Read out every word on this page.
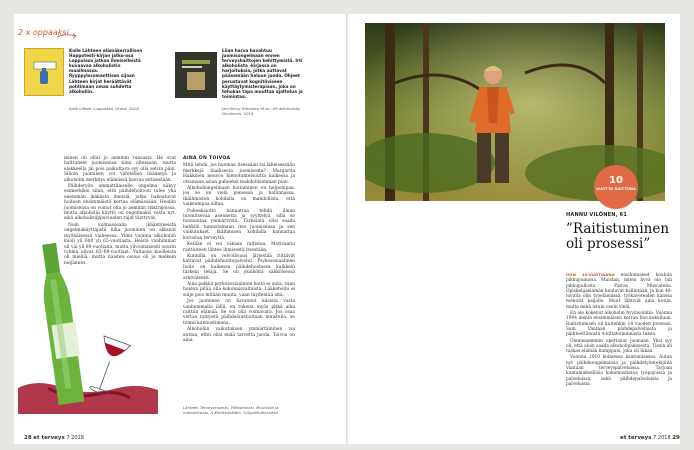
2 x oppaaksi
Kalle Lähteen elämäkerrallisen Happotesti-kirjan jatko-osa Loppulasa jatkaa ihmiselleistä kuvaavaa alkoholistin maailmassa. Ryyppyloromanttisen sijaan Lähteen kirjat heräättävät pohtimaan omaa suhdetta alkoholiin.
Kalle Lähde: Loppulasa, Otava, 2018.
Liian harva havahtuu juomisongelmaan ennen terveyshaittojen kehittymistä. Irti alkoholista -kirjassa on harjoituksia, jotka auttavat pääsemään haluun juoda. Ohjeet perustuvat kognitiiviseen käyttäytymisterapiaan, joka on tehokas tapa muuttaa ajattelua ja toimintaa.
Jan-Henry Stenberg et al.: Irti alkoholista, Duodecim, 2014.

minen oli ollut jo aemmin runsasta. He ovat halttuneet juomisensa tiimi ollessaan, mutta elakkeella jäi pois paikottava syy olla selvin päin. Silloin juominen voi vähitellen lisääntyä ja alkoholin merkitys elämässä kasvaa entisestään.

Päihderyön ammattilaiselle ongelma näkyy esimerkiksi siinä, että päihdehoitoon tulee yhä enemmän ikäkästä ihmisiä, jotka hakeutuvat hoitoon ensimmäistä kertaa elämässään. Heidän juomisensa on voinut olla jo aemmin riskirajoissa, mutta alkoholin käyttö on ongelmaksi vasta nyt, eikä alkoholiriippuvuuden rajat täyttyvät.

Noin kolmasosalla ikääntyneistä ongelmakäyttäjistä liika juominen on alkanut myöhäisessä vaiheessa. Ylimi vuonna alkoholiin kuoli yli 600 yli 65-vuotiasta. Heistä vanhimmat oli vai yli 90-vuotiaita, mutta ylivoimaisesti suurin ryhmä olivat 65–69-vuotiaat. Valtaosa kuolleista oli miehiä, mutta naisten osuus oli jo melkein neljännes.

AINA ON TOIVOA

Mitä tehdä, jos huomaa itsessään tai läheisessään merkkejä liiallisesta juomisesta? Margarita Hakkinen neuvoo hienotunteisuutta kaikessa ja ottamaan asian puheeksi mahdollisimman pian.

Alkoholiongelmaan hoitaminen on helpompaa, jos se on vielä pienessä ja hallinnassa. Ikäihmisten kohdalla on mahdollista, että vaikeampaa siltaa.

Puheeksiotto kannattaa tehdä ilman tuomitsevaa asennetta ja syyttelyä, sillä se huonontaa ymmärrystä. Tärkeintä olisi saada henkilö tunnistamaan itse juomisensa ja sen vaikutukset. Ikäihmisen kohdalla kannattaa korostaa terveyttä.

Ketään ei voi väkisin raitistaa. Motivaatio raittiuteen lähtee ihmisestä itsestään.

Kunnilla on velvollisuus järjestää riittävät kattavat päihdehuoltopalvelut. Psykososiaalinen hoito on kaikessa päihdehoidossa kaikkein tärkein tekijä. Se on yksiköitä sähköisessä arkiväisesti.

Aina pelkkä psykososiaalinen hoito ei auta, vaan hoidon pitää olla kokonaisvaltaista. Lääkehoito ei sulje pois mitään muuta, vaan täydentää sitä.

Jos juominen on karannut käsistä vasta vanhemmalla iällä, on tukena myös pitkä aika raittiin elämää. Se voi olla voimavara. Jos osaa vertaa nykyistä päihdeluustoiltaan muistella, se toimii kannustimena.

Alkoholiin vaikutuksen ymmärtäminen voi auttaa, ettei olisi enää tarvetta juoda. Toivoa on aina.

Lähteet: Terveyskirjasto, Päihdelinkki, Muutosta ja mahdollisuus, A-Klinikkasäätiö, Sylypäihdeyksikkö.
28 et terveys 7 2018
10
VUOTTA RAITTIINA
HANNU VILÖNEN, 61
”Raitistuminen oli prosessi”

OON 15-VUOTIAANA ensihumaiset kouluin pikkujoulussa. Muistan, miten hyvä olo tuli pikkupullosta Patras Muscatelia. Opiskelijaelämän kuuluvat hallintaan, ja kun 40-luvulla olin työelämässä, työkavereiden kanssa menivät kaljalle. Muut lähtivät aina kotiin, mutta minä istuin usein vielä.

En ole kokenut alkoholin hyvinvointia. Vuonna 1994 menin ensimmäisen kerran Itse kokeiluun. Raitistumisen oli kuitenkin 14 vuoden prosessi. Sain Vantaan päihdepalveluista ja päihteettömistä A-kiltatoiminnasta tukea.

Olenneaemmin opettanut juomaan. Yksi syy oli, että aloin saada alkoholipakosesta. Tiesin oli raskas elämän kumppani, joka oli liikaa.

Vuonna 2010 kolmessa kaatumisessa. Autan nyt päihdeongelmaisia ja päihdetyöntekijöitä Vantaan terveyspalveluissa. Tarjoan kuntamuksellisia kokemustietoa työpajoissa ja palveluissa, sekä päihdepalveluista ja palveluista.

et terveys 7 2018 29
